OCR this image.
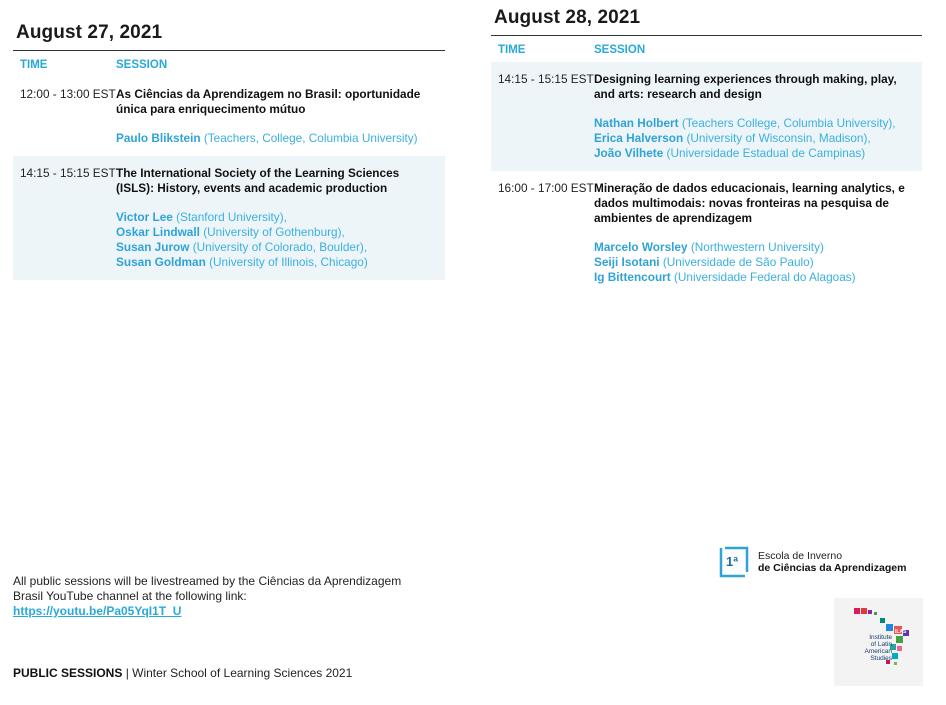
August 27, 2021
TIME	SESSION
12:00 - 13:00 EST As Ciências da Aprendizagem no Brasil: oportunidade única para enriquecimento mútuo
Paulo Blikstein (Teachers, College, Columbia University)
14:15 - 15:15 EST The International Society of the Learning Sciences (ISLS): History, events and academic production
Victor Lee (Stanford University),
Oskar Lindwall (University of Gothenburg),
Susan Jurow (University of Colorado, Boulder),
Susan Goldman (University of Illinois, Chicago)
August 28, 2021
TIME	SESSION
14:15 - 15:15 EST Designing learning experiences through making, play, and arts: research and design
Nathan Holbert (Teachers College, Columbia University),
Erica Halverson (University of Wisconsin, Madison),
João Vilhete (Universidade Estadual de Campinas)
16:00 - 17:00 EST Mineração de dados educacionais, learning analytics, e dados multimodais: novas fronteiras na pesquisa de ambientes de aprendizagem
Marcelo Worsley (Northwestern University)
Seiji Isotani (Universidade de São Paulo)
Ig Bittencourt (Universidade Federal do Alagoas)
All public sessions will be livestreamed by the Ciências da Aprendizagem
Brasil YouTube channel at the following link:
https://youtu.be/Pa05YqI1T_U
PUBLIC SESSIONS | Winter School of Learning Sciences 2021
1ª Escola de Inverno
de Ciências da Aprendizagem
ILAS
Institute
of Latin
American
Studies
